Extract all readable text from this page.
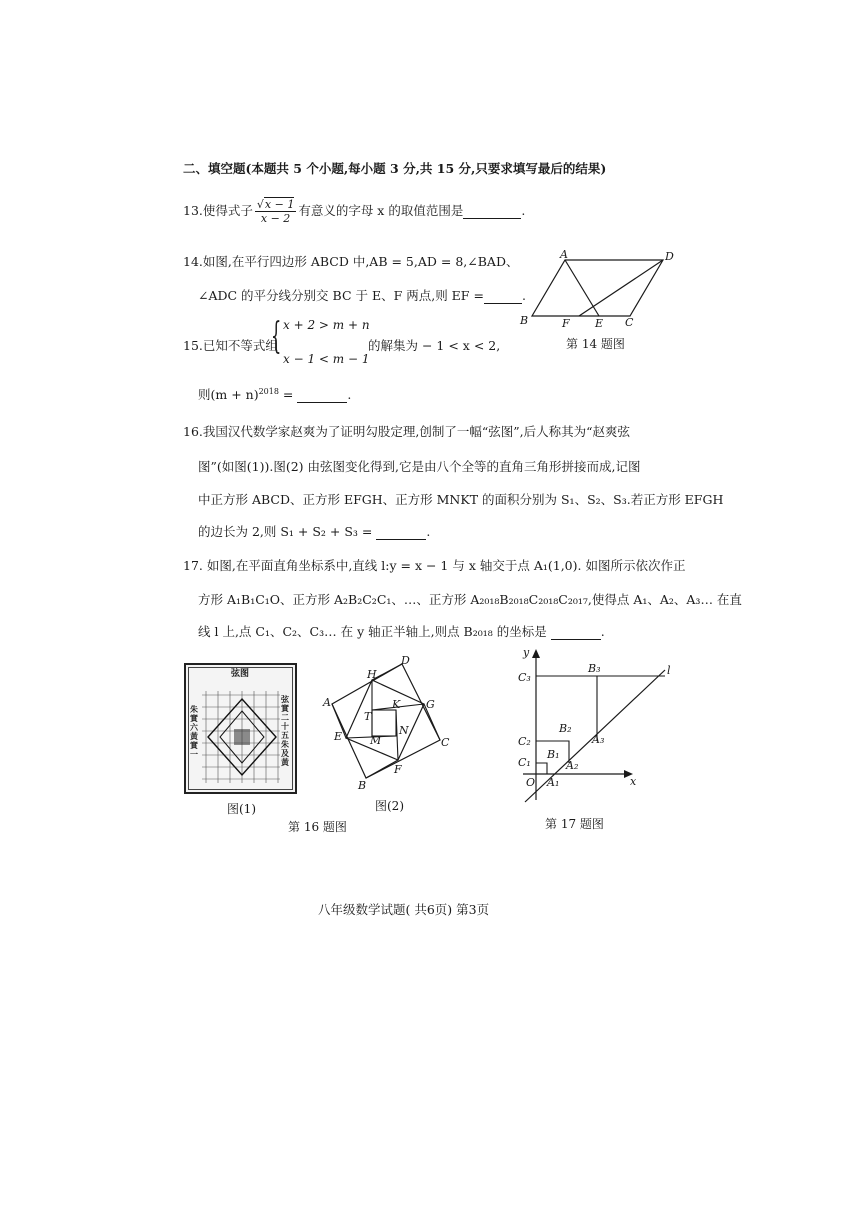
二、填空题(本题共 5 个小题,每小题 3 分,共 15 分,只要求填写最后的结果)
13.使得式子 $\frac{√x - 1}{x - 2}$ 有意义的字母 x 的取值范围是	.
14.如图,在平行四边形 ABCD 中,AB = 5,AD = 8,∠BAD、
∠ADC 的平分线分别交 BC 于 E、F 两点,则 EF =	.
A	D
B	F E C
第 14 题图
15.已知不等式组
{ x + 2 > m + n
x − 1 < m − 1
的解集为 − 1 < x < 2,
则$(m + n)^{2018}$ =	.
16.我国汉代数学家赵爽为了证明勾股定理,创制了一幅“弦图”,后人称其为“赵爽弦
图”(如图(1)).图(2) 由弦图变化得到,它是由八个全等的直角三角形拼接而成,记图
中正方形 ABCD、正方形 EFGH、正方形 MNKT 的面积分别为 S₁、S₂、S₃.若正方形 EFGH
的边长为 2,则 S₁ + S₂ + S₃ =	.
17. 如图,在平面直角坐标系中,直线 l:y = x − 1 与 x 轴交于点 A₁(1,0). 如图所示依次作正
方形 A₁B₁C₁O、正方形 A₂B₂C₂C₁、…、正方形 A₂₀₁₈B₂₀₁₈C₂₀₁₈C₂₀₁₇,使得点 A₁、A₂、A₃… 在直
线 l 上,点 C₁、C₂、C₃… 在 y 轴正半轴上,则点 B₂₀₁₈ 的坐标是	.
弦图
朱實六黃實一
弦實二十五朱及黃
图(1)
H
D
A	K G
T
E	M
N
C
F
B
图(2)
第 16 题图
y
C₃
B₃	l
C₂
B₂
A₃
B₁
C₁	A₂
O A₁	x
第 17 题图
八年级数学试题( 共6页) 第3页
